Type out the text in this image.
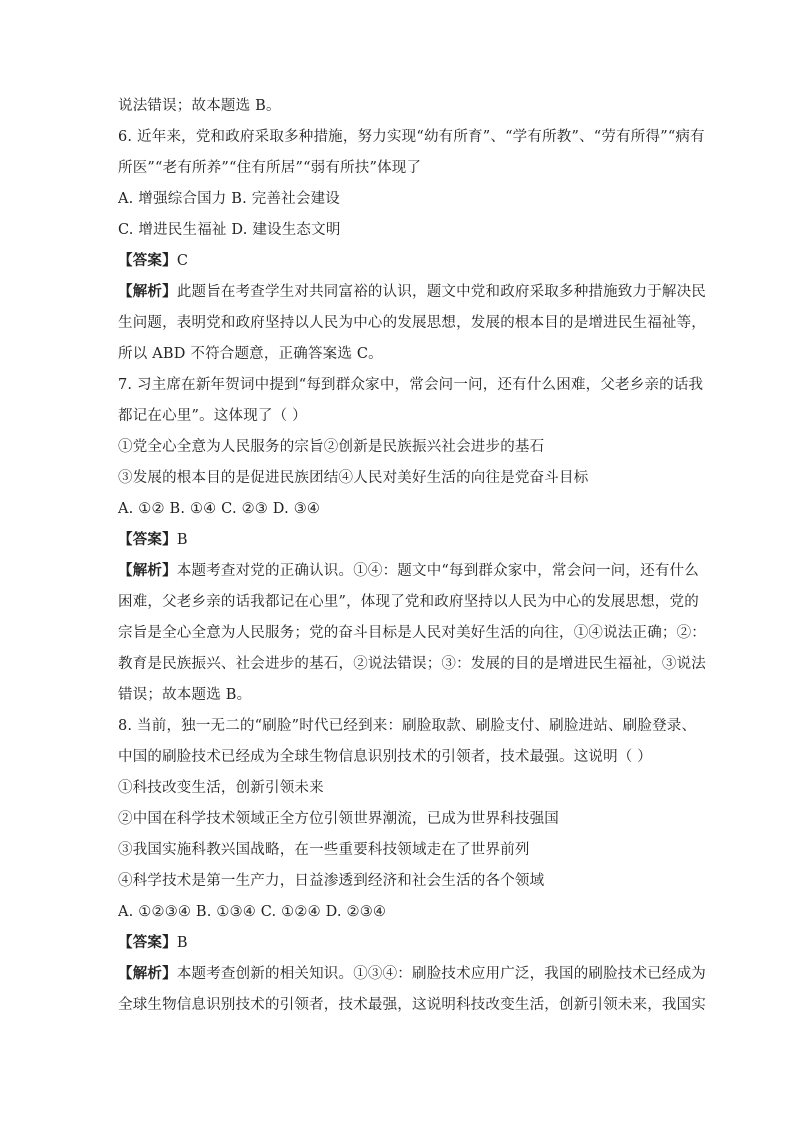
说法错误；故本题选 B。
6. 近年来，党和政府采取多种措施，努力实现“幼有所育”、“学有所教”、“劳有所得”“病有
所医”“老有所养”“住有所居”“弱有所扶”体现了
A. 增强综合国力 B. 完善社会建设
C. 增进民生福祉 D. 建设生态文明
【答案】C
【解析】此题旨在考查学生对共同富裕的认识，题文中党和政府采取多种措施致力于解决民
生问题，表明党和政府坚持以人民为中心的发展思想，发展的根本目的是增进民生福祉等，
所以 ABD 不符合题意，正确答案选 C。
7. 习主席在新年贺词中提到“每到群众家中，常会问一问，还有什么困难，父老乡亲的话我
都记在心里”。这体现了（ ）
①党全心全意为人民服务的宗旨②创新是民族振兴社会进步的基石
③发展的根本目的是促进民族团结④人民对美好生活的向往是党奋斗目标
A. ①② B. ①④ C. ②③ D. ③④
【答案】B
【解析】本题考查对党的正确认识。①④：题文中“每到群众家中，常会问一问，还有什么
困难，父老乡亲的话我都记在心里”，体现了党和政府坚持以人民为中心的发展思想，党的
宗旨是全心全意为人民服务；党的奋斗目标是人民对美好生活的向往，①④说法正确；②：
教育是民族振兴、社会进步的基石，②说法错误；③：发展的目的是增进民生福祉，③说法
错误；故本题选 B。
8. 当前，独一无二的“刷脸”时代已经到来：刷脸取款、刷脸支付、刷脸进站、刷脸登录、
中国的刷脸技术已经成为全球生物信息识别技术的引领者，技术最强。这说明（ ）
①科技改变生活，创新引领未来
②中国在科学技术领域正全方位引领世界潮流，已成为世界科技强国
③我国实施科教兴国战略，在一些重要科技领域走在了世界前列
④科学技术是第一生产力，日益渗透到经济和社会生活的各个领域
A. ①②③④ B. ①③④ C. ①②④ D. ②③④
【答案】B
【解析】本题考查创新的相关知识。①③④：刷脸技术应用广泛，我国的刷脸技术已经成为
全球生物信息识别技术的引领者，技术最强，这说明科技改变生活，创新引领未来，我国实
